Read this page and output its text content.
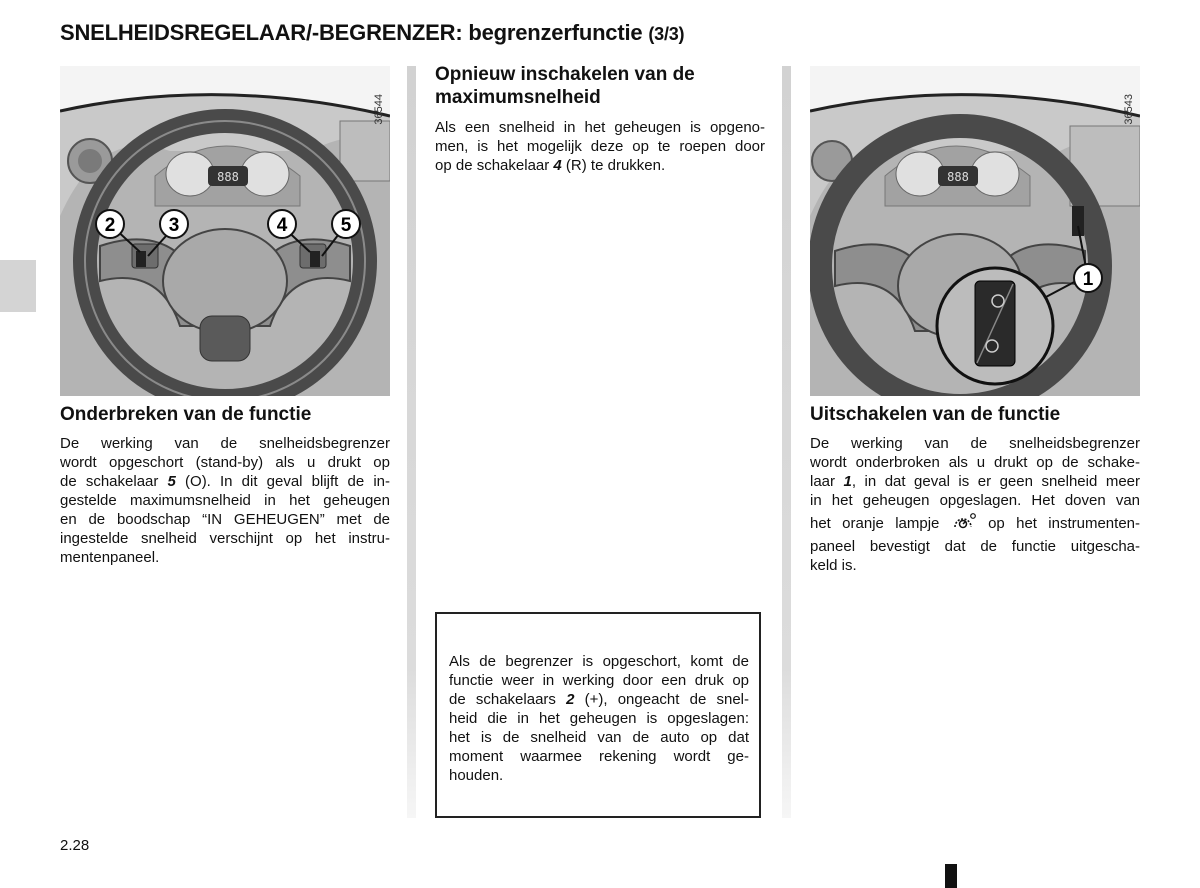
SNELHEIDSREGELAAR/-BEGRENZER: begrenzerfunctie (3/3)
888
2	3	4	5
36544
888
1
36543
Onderbreken van de functie
De werking van de snelheidsbegrenzer
wordt opgeschort (stand-by) als u drukt op
de schakelaar 5 (O). In dit geval blijft de in-
gestelde maximumsnelheid in het geheugen
en de boodschap “IN GEHEUGEN” met de
ingestelde snelheid verschijnt op het instru-
mentenpaneel.
Opnieuw inschakelen van de
maximumsnelheid
Als een snelheid in het geheugen is opgeno-
men, is het mogelijk deze op te roepen door
op de schakelaar 4 (R) te drukken.
Als de begrenzer is opgeschort, komt de
functie weer in werking door een druk op
de schakelaars 2 (+), ongeacht de snel-
heid die in het geheugen is opgeslagen:
het is de snelheid van de auto op dat
moment waarmee rekening wordt ge-
houden.
Uitschakelen van de functie
De werking van de snelheidsbegrenzer
wordt onderbroken als u drukt op de schake-
laar 1, in dat geval is er geen snelheid meer
in het geheugen opgeslagen. Het doven van
het oranje lampje  op het instrumenten-
paneel bevestigt dat de functie uitgescha-
keld is.
2.28
